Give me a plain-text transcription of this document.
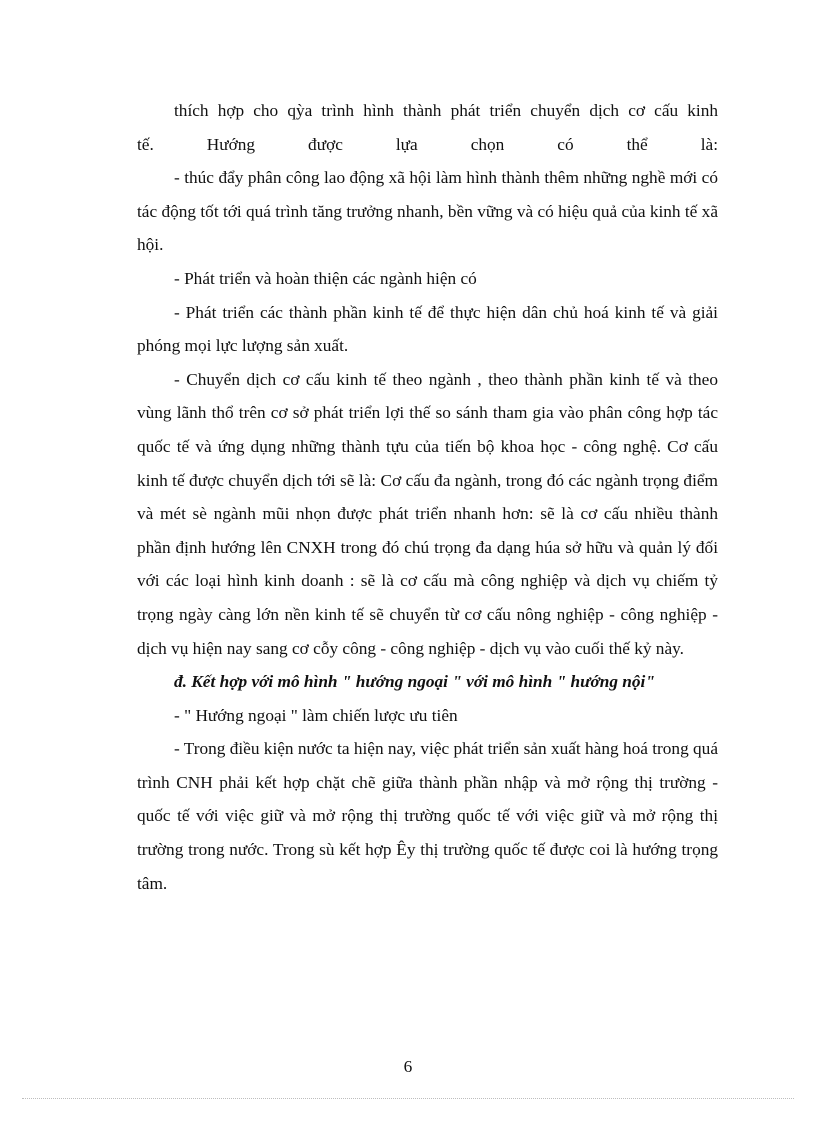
thích hợp cho qỳa trình hình thành phát triển chuyển dịch cơ cấu kinh

tế. Hướng được lựa chọn có thể là:

- thúc đẩy phân công lao động xã hội làm hình thành thêm những nghề mới có tác động tốt tới quá trình tăng trưởng nhanh, bền vững và có hiệu quả của kinh tế xã hội.

- Phát triển và hoàn thiện các ngành hiện có

- Phát triển các thành phần kinh tế để thực hiện dân chủ hoá kinh tế và giải phóng mọi lực lượng sản xuất.

- Chuyển dịch cơ cấu kinh tế theo ngành , theo thành phần kinh tế và theo vùng lãnh thổ trên cơ sở phát triển lợi thế so sánh tham gia vào phân công hợp tác quốc tế và ứng dụng những thành tựu của tiến bộ khoa học - công nghệ. Cơ cấu kinh tế được chuyển dịch tới sẽ là: Cơ cấu đa ngành, trong đó các ngành trọng điểm và mét sè ngành mũi nhọn được phát triển nhanh hơn: sẽ là cơ cấu nhiều thành phần định hướng lên CNXH trong đó chú trọng đa dạng húa sở hữu và quản lý đối với các loại hình kinh doanh : sẽ là cơ cấu mà công nghiệp và dịch vụ chiếm tỷ trọng ngày càng lớn nền kinh tế sẽ chuyển từ cơ cấu nông nghiệp - công nghiệp - dịch vụ hiện nay sang cơ cỗy công - công nghiệp - dịch vụ vào cuối thế kỷ này.

đ. Kết hợp với mô hình " hướng ngoại " với mô hình " hướng nội"

- " Hướng ngoại " làm chiến lược ưu tiên

- Trong điều kiện nước ta hiện nay, việc phát triển sản xuất hàng hoá trong quá trình CNH phải kết hợp chặt chẽ giữa thành phần nhập và mở rộng thị trường - quốc tế với việc giữ và mở rộng thị trường quốc tế với việc giữ và mở rộng thị trường trong nước. Trong sù kết hợp Êy thị trường quốc tế được coi là hướng trọng tâm.

6
